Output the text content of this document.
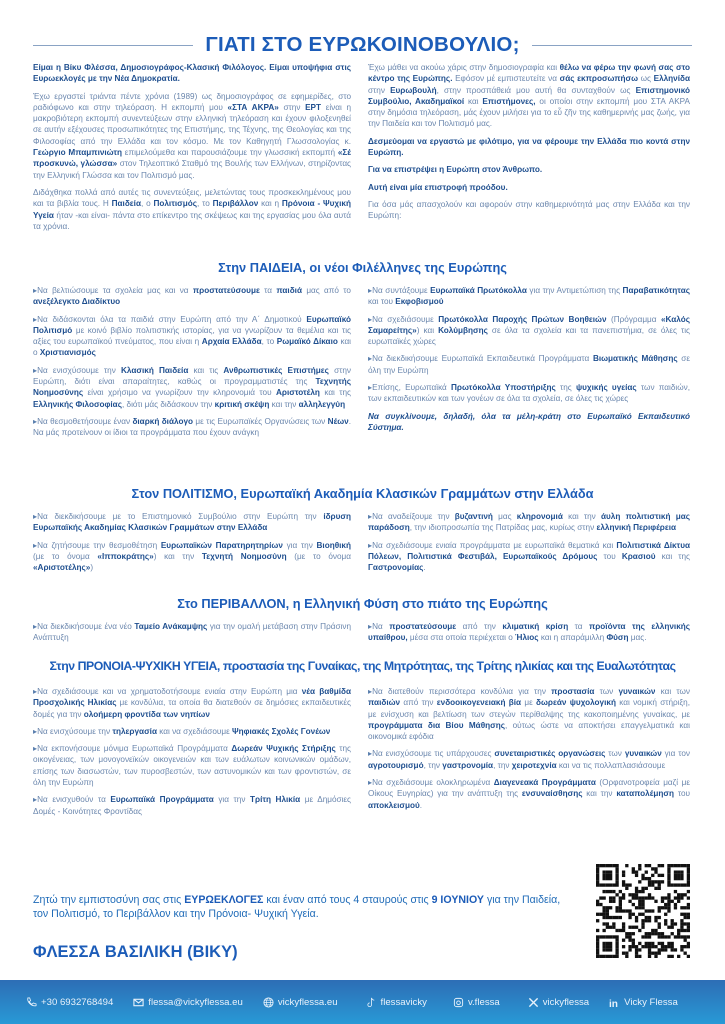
ΓΙΑΤΙ ΣΤΟ ΕΥΡΩΚΟΙΝΟΒΟΥΛΙΟ;

Είμαι η Βίκυ Φλέσσα, Δημοσιογράφος-Κλασική Φιλόλογος. Είμαι υποψήφια στις Ευρωεκλογές με την Νέα Δημοκρατία.

Έχω εργαστεί τριάντα πέντε χρόνια (1989) ως δημοσιογράφος σε εφημερίδες, στο ραδιόφωνο και στην τηλεόραση. Η εκπομπή μου «ΣΤΑ ΑΚΡΑ» στην ΕΡΤ είναι η μακροβιότερη εκπομπή συνεντεύξεων στην ελληνική τηλεόραση και έχουν φιλοξενηθεί σε αυτήν εξέχουσες προσωπικότητες της Επιστήμης, της Τέχνης, της Θεολογίας και της Φιλοσοφίας από την Ελλάδα και τον κόσμο. Με τον Καθηγητή Γλωσσολογίας κ. Γεώργιο Μπαμπινιώτη επιμελούμεθα και παρουσιάζουμε την γλωσσική εκπομπή «Σέ προσκυνώ, γλώσσα» στον Τηλεοπτικό Σταθμό της Βουλής των Ελλήνων, στηρίζοντας την Ελληνική Γλώσσα και τον Πολιτισμό μας.

Διδάχθηκα πολλά από αυτές τις συνεντεύξεις, μελετώντας τους προσκεκλημένους μου και τα βιβλία τους. Η Παιδεία, ο Πολιτισμός, το Περιβάλλον και η Πρόνοια - Ψυχική Υγεία ήταν -και είναι- πάντα στο επίκεντρο της σκέψεως και της εργασίας μου όλα αυτά τα χρόνια.

Έχω μάθει να ακούω χάρις στην δημοσιογραφία και θέλω να φέρω την φωνή σας στο κέντρο της Ευρώπης. Εφόσον μέ εμπιστευτείτε να σάς εκπροσωπήσω ως Ελληνίδα στην Ευρωβουλή, στην προσπάθειά μου αυτή θα συνταχθούν ως Επιστημονικό Συμβούλιο, Ακαδημαϊκοί και Επιστήμονες, οι οποίοι στην εκπομπή μου ΣΤΑ ΑΚΡΑ στην δημόσια τηλεόραση, μάς έχουν μιλήσει για το εὖ ζῆν της καθημερινής μας ζωής, για την Παιδεία και τον Πολιτισμό μας.

Δεσμεύομαι να εργαστώ με φιλότιμο, για να φέρουμε την Ελλάδα πιο κοντά στην Ευρώπη.

Για να επιστρέψει η Ευρώπη στον Άνθρωπο.

Αυτή είναι μία επιστροφή προόδου.

Για όσα μάς απασχολούν και αφορούν στην καθημερινότητά μας στην Ελλάδα και την Ευρώπη:

Στην ΠΑΙΔΕΙΑ, οι νέοι Φιλέλληνες της Ευρώπης

▸ Να βελτιώσουμε τα σχολεία μας και να προστατεύσουμε τα παιδιά μας από το ανεξέλεγκτο Διαδίκτυο

▸ Να διδάσκονται όλα τα παιδιά στην Ευρώπη από την Α΄ Δημοτικού Ευρωπαϊκό Πολιτισμό με κοινό βιβλίο πολιτιστικής ιστορίας, για να γνωρίζουν τα θεμέλια και τις αξίες του ευρωπαϊκού πνεύματος, που είναι η Αρχαία Ελλάδα, το Ρωμαϊκό Δίκαιο και ο Χριστιανισμός

▸ Να ενισχύσουμε την Κλασική Παιδεία και τις Ανθρωπιστικές Επιστήμες στην Ευρώπη, διότι είναι απαραίτητες, καθώς οι προγραμματιστές της Τεχνητής Νοημοσύνης είναι χρήσιμο να γνωρίζουν την κληρονομιά του Αριστοτέλη και της Ελληνικής Φιλοσοφίας, διότι μάς διδάσκουν την κριτική σκέψη και την αλληλεγγύη

▸ Να θεσμοθετήσουμε έναν διαρκή διάλογο με τις Ευρωπαϊκές Οργανώσεις των Νέων. Να μάς προτείνουν οι ίδιοι τα προγράμματα που έχουν ανάγκη

▸ Να συντάξουμε Ευρωπαϊκά Πρωτόκολλα για την Αντιμετώπιση της Παραβατικότητας και του Εκφοβισμού

▸ Να σχεδιάσουμε Πρωτόκολλα Παροχής Πρώτων Βοηθειών (Πρόγραμμα «Καλός Σαμαρείτης») και Κολύμβησης σε όλα τα σχολεία και τα πανεπιστήμια, σε όλες τις ευρωπαϊκές χώρες

▸ Να διεκδικήσουμε Ευρωπαϊκά Εκπαιδευτικά Προγράμματα Βιωματικής Μάθησης σε όλη την Ευρώπη

▸ Επίσης, Ευρωπαϊκά Πρωτόκολλα Υποστήριξης της ψυχικής υγείας των παιδιών, των εκπαιδευτικών και των γονέων σε όλα τα σχολεία, σε όλες τις χώρες

Να συγκλίνουμε, δηλαδή, όλα τα μέλη-κράτη στο Ευρωπαϊκό Εκπαιδευτικό Σύστημα.

Στον ΠΟΛΙΤΙΣΜΟ, Ευρωπαϊκή Ακαδημία Κλασικών Γραμμάτων στην Ελλάδα

▸ Να διεκδικήσουμε με το Επιστημονικό Συμβούλιο στην Ευρώπη την ίδρυση Ευρωπαϊκής Ακαδημίας Κλασικών Γραμμάτων στην Ελλάδα

▸ Να ζητήσουμε την θεσμοθέτηση Ευρωπαϊκών Παρατηρητηρίων για την Βιοηθική (με το όνομα «Ιπποκράτης») και την Τεχνητή Νοημοσύνη (με το όνομα «Αριστοτέλης»)

▸ Να αναδείξουμε την βυζαντινή μας κληρονομιά και την άυλη πολιτιστική μας παράδοση, την ιδιοπροσωπία της Πατρίδας μας, κυρίως στην ελληνική Περιφέρεια

▸ Να σχεδιάσουμε ενιαία προγράμματα με ευρωπαϊκά θεματικά και Πολιτιστικά Δίκτυα Πόλεων, Πολιτιστικά Φεστιβάλ, Ευρωπαϊκούς Δρόμους του Κρασιού και της Γαστρονομίας.

Στο ΠΕΡΙΒΑΛΛΟΝ, η Ελληνική Φύση στο πιάτο της Ευρώπης

▸ Να διεκδικήσουμε ένα νέο Ταμείο Ανάκαμψης για την ομαλή μετάβαση στην Πράσινη Ανάπτυξη

▸ Να προστατεύσουμε από την κλιματική κρίση τα προϊόντα της ελληνικής υπαίθρου, μέσα στα οποία περιέχεται ο Ήλιος και η απαράμιλλη Φύση μας.

Στην ΠΡΟΝΟΙΑ-ΨΥΧΙΚΗ ΥΓΕΙΑ, προστασία της Γυναίκας, της Μητρότητας, της Τρίτης ηλικίας και της Ευαλωτότητας

▸ Να σχεδιάσουμε και να χρηματοδοτήσουμε ενιαία στην Ευρώπη μια νέα βαθμίδα Προσχολικής Ηλικίας με κονδύλια, τα οποία θα διατεθούν σε δημόσιες εκπαιδευτικές δομές για την ολοήμερη φροντίδα των νηπίων

▸ Να ενισχύσουμε την τηλεργασία και να σχεδιάσουμε Ψηφιακές Σχολές Γονέων

▸ Να εκπονήσουμε μόνιμα Ευρωπαϊκά Προγράμματα Δωρεάν Ψυχικής Στήριξης της οικογένειας, των μονογονεϊκών οικογενειών και των ευάλωτων κοινωνικών ομάδων, επίσης των διασωστών, των πυροσβεστών, των αστυνομικών και των φροντιστών, σε όλη την Ευρώπη

▸ Να ενισχυθούν τα Ευρωπαϊκά Προγράμματα για την Τρίτη Ηλικία με Δημόσιες Δομές - Κοινότητες Φροντίδας

▸ Να διατεθούν περισσότερα κονδύλια για την προστασία των γυναικών και των παιδιών από την ενδοοικογενειακή βία με δωρεάν ψυχολογική και νομική στήριξη, με ενίσχυση και βελτίωση των στεγών περίθαλψης της κακοποιημένης γυναίκας, με προγράμματα δια Βίου Μάθησης, ούτως ώστε να αποκτήσει επαγγελματικά και οικονομικά εφόδια

▸ Να ενισχύσουμε τις υπάρχουσες συνεταιριστικές οργανώσεις των γυναικών για τον αγροτουρισμό, την γαστρονομία, την χειροτεχνία και να τις πολλαπλασιάσουμε

▸ Να σχεδιάσουμε ολοκληρωμένα Διαγενεακά Προγράμματα (Ορφανοτροφεία μαζί με Οίκους Ευγηρίας) για την ανάπτυξη της ενσυναίσθησης και την καταπολέμηση του αποκλεισμού.

Ζητώ την εμπιστοσύνη σας στις ΕΥΡΩΕΚΛΟΓΕΣ και έναν από τους 4 σταυρούς στις 9 ΙΟΥΝΙΟΥ για την Παιδεία, τον Πολιτισμό, το Περιβάλλον και την Πρόνοια- Ψυχική Υγεία.
ΦΛΕΣΣΑ ΒΑΣΙΛΙΚΗ (ΒΙΚΥ)
+30 6932768494	flessa@vickyflessa.eu	vickyflessa.eu	flessavicky	v.flessa	vickyflessa in Vicky Flessa
